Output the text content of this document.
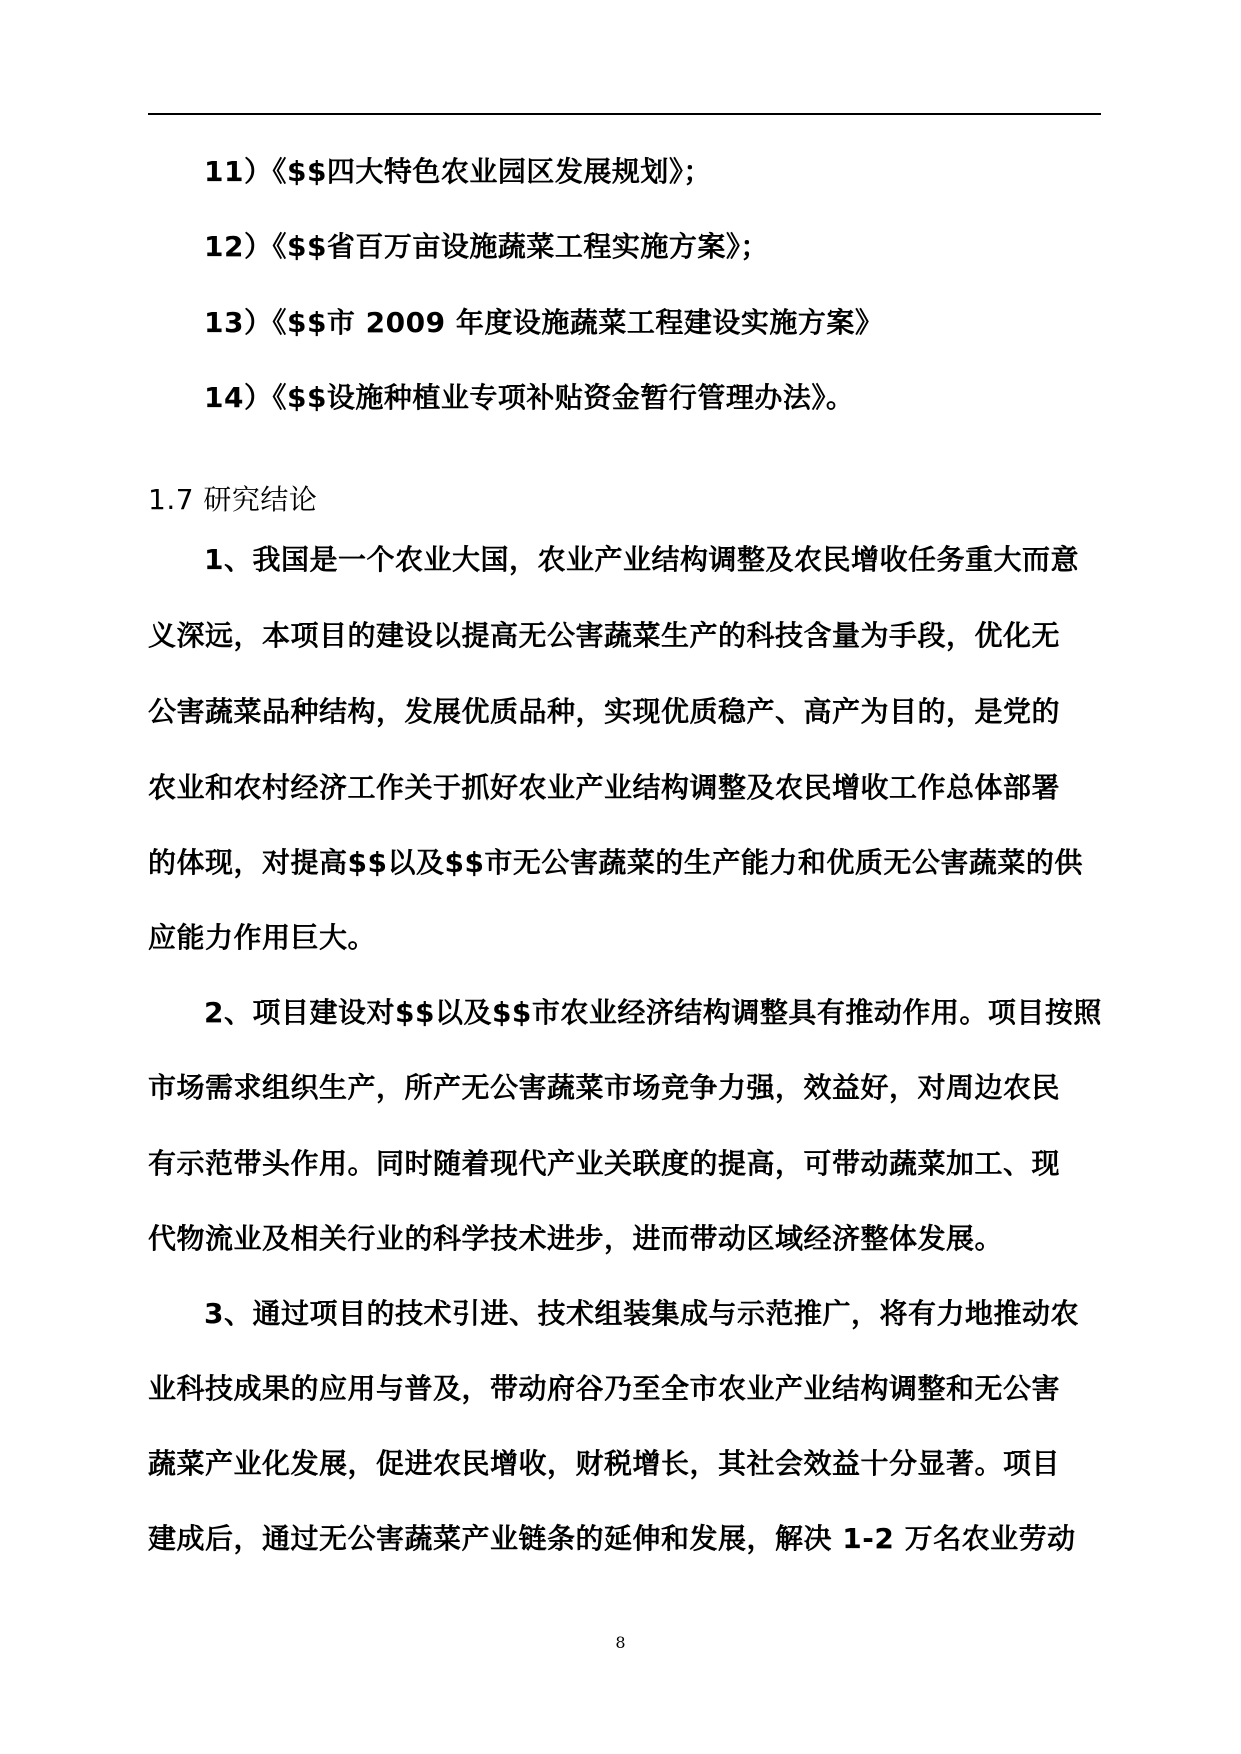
11）《$$四大特色农业园区发展规划》；
12）《$$省百万亩设施蔬菜工程实施方案》；
13）《$$市 2009 年度设施蔬菜工程建设实施方案》
14）《$$设施种植业专项补贴资金暂行管理办法》。
1.7 研究结论
1、我国是一个农业大国，农业产业结构调整及农民增收任务重大而意
义深远，本项目的建设以提高无公害蔬菜生产的科技含量为手段，优化无
公害蔬菜品种结构，发展优质品种，实现优质稳产、高产为目的，是党的
农业和农村经济工作关于抓好农业产业结构调整及农民增收工作总体部署
的体现，对提高$$以及$$市无公害蔬菜的生产能力和优质无公害蔬菜的供
应能力作用巨大。
2、项目建设对$$以及$$市农业经济结构调整具有推动作用。项目按照
市场需求组织生产，所产无公害蔬菜市场竞争力强，效益好，对周边农民
有示范带头作用。同时随着现代产业关联度的提高，可带动蔬菜加工、现
代物流业及相关行业的科学技术进步，进而带动区域经济整体发展。
3、通过项目的技术引进、技术组装集成与示范推广，将有力地推动农
业科技成果的应用与普及，带动府谷乃至全市农业产业结构调整和无公害
蔬菜产业化发展，促进农民增收，财税增长，其社会效益十分显著。项目
建成后，通过无公害蔬菜产业链条的延伸和发展，解决 1-2 万名农业劳动
8
